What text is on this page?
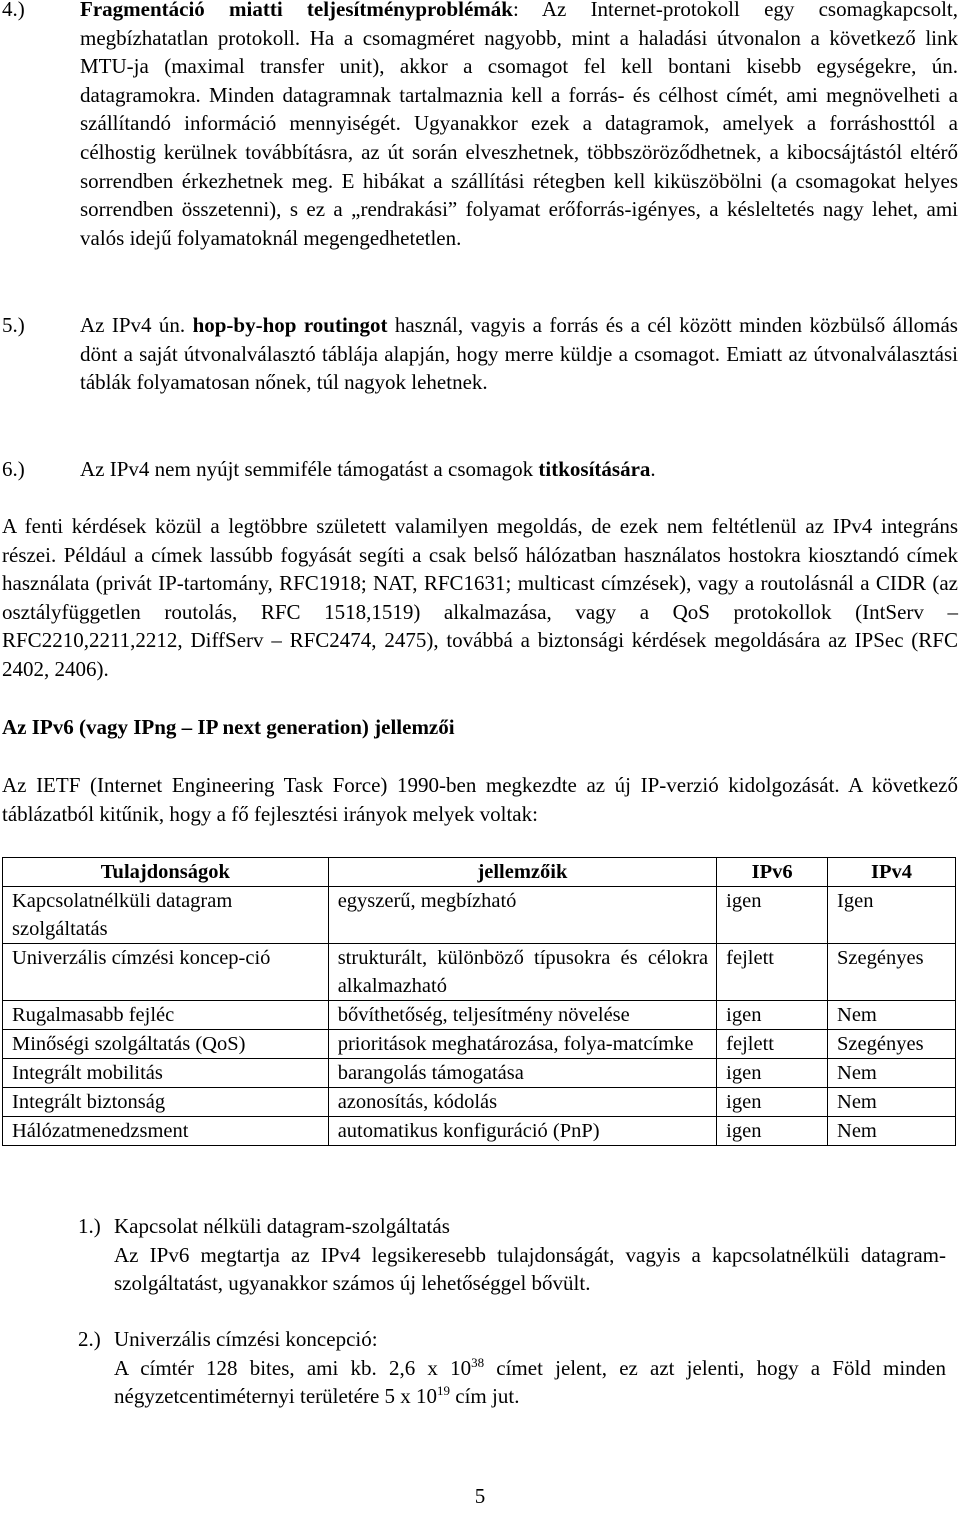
4.)	Fragmentáció miatti teljesítményproblémák: Az Internet-protokoll egy csomagkapcsolt, megbízhatatlan protokoll. Ha a csomagméret nagyobb, mint a haladási útvonalon a következő link MTU-ja (maximal transfer unit), akkor a csomagot fel kell bontani kisebb egységekre, ún. datagramokra. Minden datagramnak tartalmaznia kell a forrás- és célhost címét, ami megnövelheti a szállítandó információ mennyiségét. Ugyanakkor ezek a datagramok, amelyek a forráshosttól a célhostig kerülnek továbbításra, az út során elveszhetnek, többszöröződhetnek, a kibocsájtástól eltérő sorrendben érkezhetnek meg. E hibákat a szállítási rétegben kell kiküszöbölni (a csomagokat helyes sorrendben összetenni), s ez a „rendrakási” folyamat erőforrás-igényes, a késleltetés nagy lehet, ami valós idejű folyamatoknál megengedhetetlen.
5.)	Az IPv4 ún. hop-by-hop routingot használ, vagyis a forrás és a cél között minden közbülső állomás dönt a saját útvonalválasztó táblája alapján, hogy merre küldje a csomagot. Emiatt az útvonalválasztási táblák folyamatosan nőnek, túl nagyok lehetnek.
6.)	Az IPv4 nem nyújt semmiféle támogatást a csomagok titkosítására.

A fenti kérdések közül a legtöbbre született valamilyen megoldás, de ezek nem feltétlenül az IPv4 integráns részei. Például a címek lassúbb fogyását segíti a csak belső hálózatban használatos hostokra kiosztandó címek használata (privát IP-tartomány, RFC1918; NAT, RFC1631; multicast címzések), vagy a routolásnál a CIDR (az osztályfüggetlen routolás, RFC 1518,1519) alkalmazása, vagy a QoS protokollok (IntServ – RFC2210,2211,2212, DiffServ – RFC2474, 2475), továbbá a biztonsági kérdések megoldására az IPSec (RFC 2402, 2406).

Az IPv6 (vagy IPng – IP next generation) jellemzői

Az IETF (Internet Engineering Task Force) 1990-ben megkezdte az új IP-verzió kidolgozását. A következő táblázatból kitűnik, hogy a fő fejlesztési irányok melyek voltak:

Tulajdonságok	jellemzőik	IPv6	IPv4
Kapcsolatnélküli datagram szolgáltatás	egyszerű, megbízható	igen	Igen
Univerzális címzési koncep-ció	strukturált, különböző típusokra és célokra alkalmazható	fejlett	Szegényes
Rugalmasabb fejléc	bővíthetőség, teljesítmény növelése	igen	Nem
Minőségi szolgáltatás (QoS)	prioritások meghatározása, folya-matcímke	fejlett	Szegényes
Integrált mobilitás	barangolás támogatása	igen	Nem
Integrált biztonság	azonosítás, kódolás	igen	Nem
Hálózatmenedzsment	automatikus konfiguráció (PnP)	igen	Nem
1.) Kapcsolat nélküli datagram-szolgáltatás
Az IPv6 megtartja az IPv4 legsikeresebb tulajdonságát, vagyis a kapcsolatnélküli datagram-szolgáltatást, ugyanakkor számos új lehetőséggel bővült.
2.) Univerzális címzési koncepció:
A címtér 128 bites, ami kb. 2,6 x $10^{38}$ címet jelent, ez azt jelenti, hogy a Föld minden négyzetcentiméternyi területére 5 x $10^{19}$ cím jut.
5
